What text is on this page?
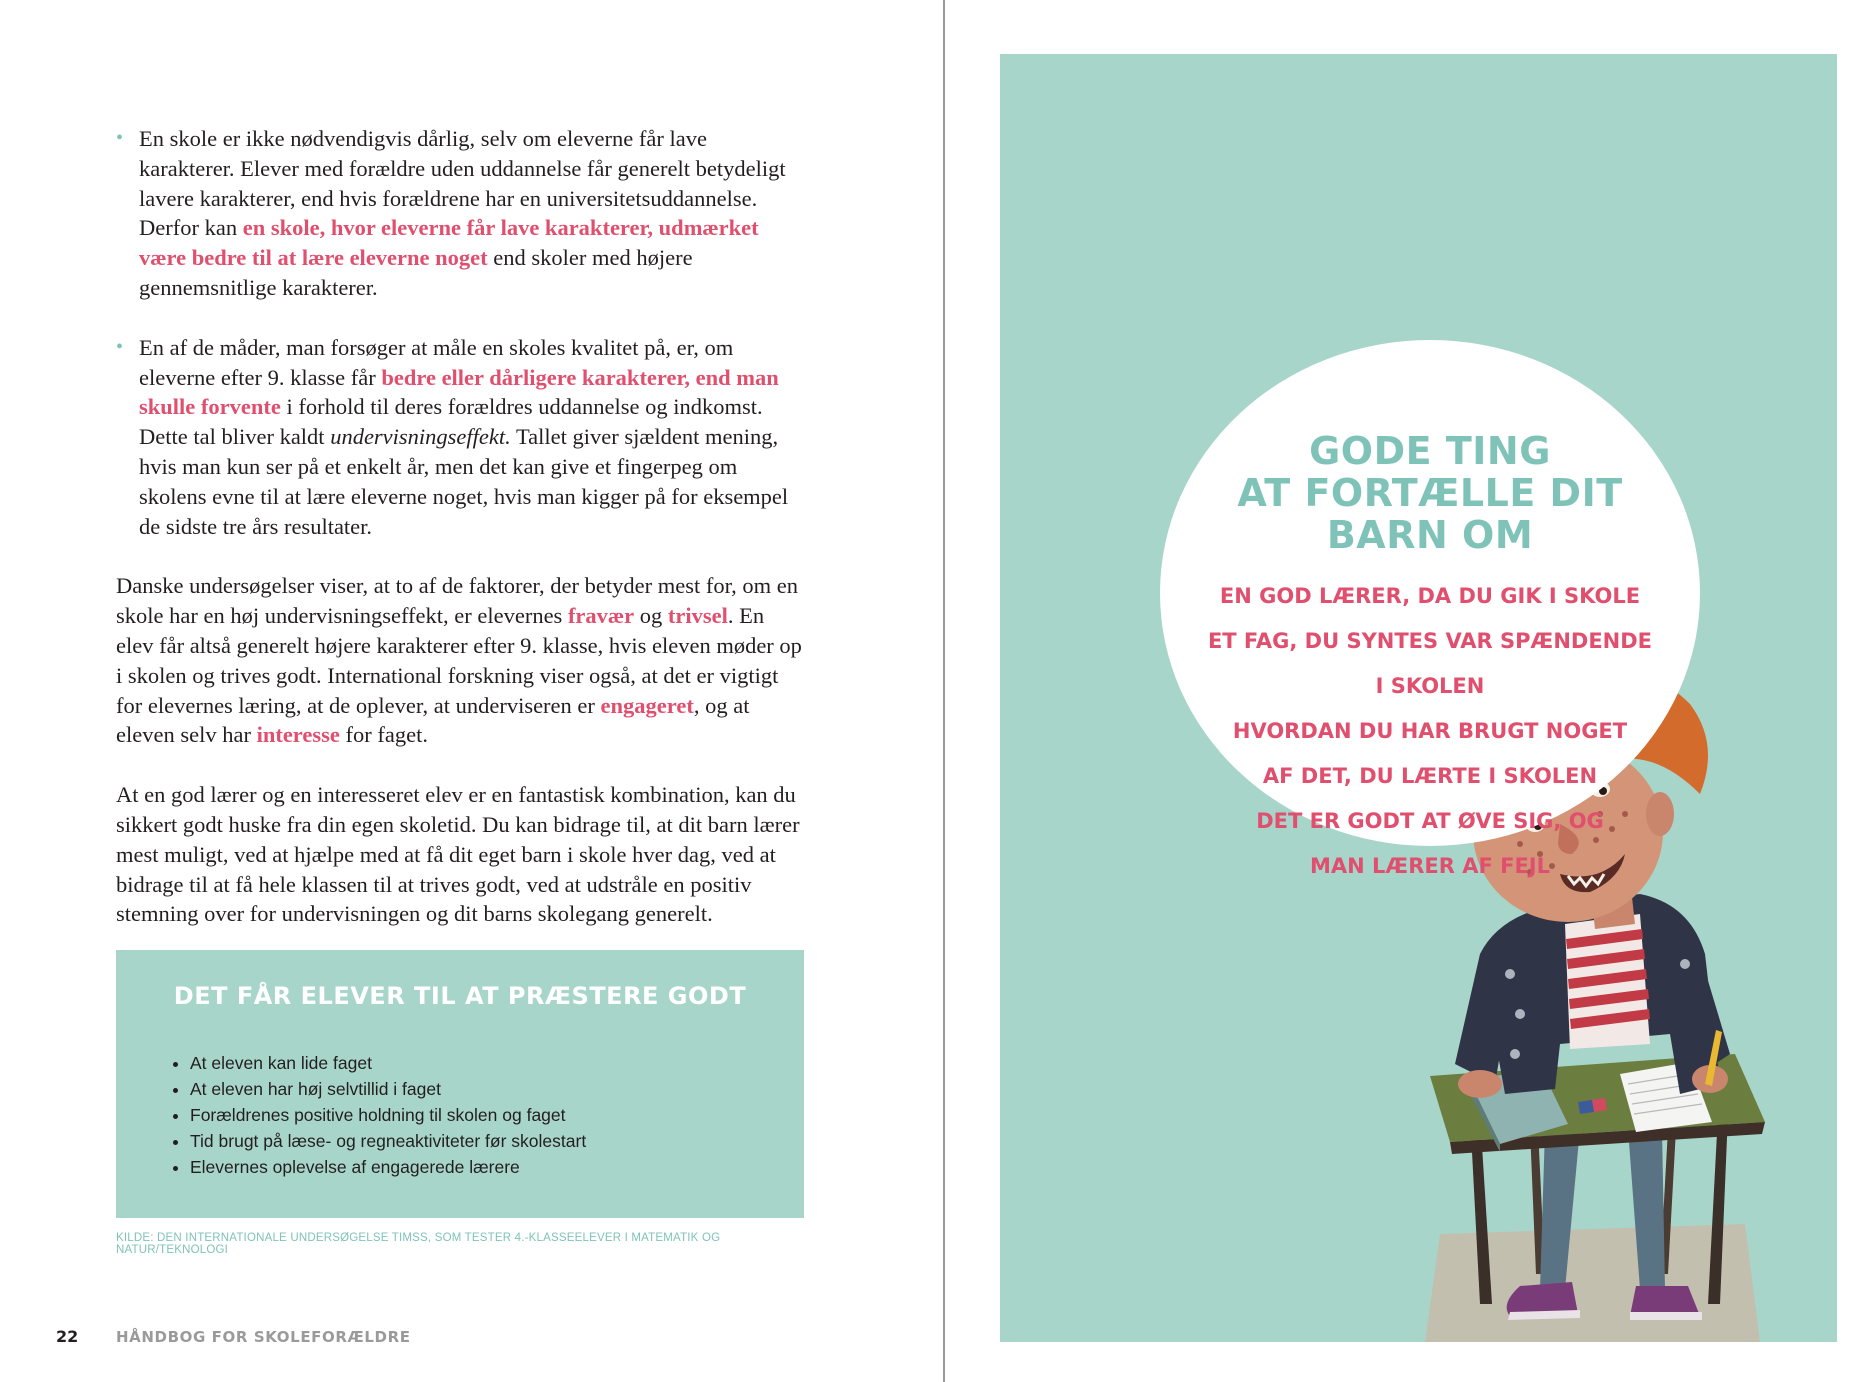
• En skole er ikke nødvendigvis dårlig, selv om eleverne får lave karakterer. Elever med forældre uden uddannelse får generelt betydeligt lavere karakterer, end hvis forældrene har en universitetsuddannelse. Derfor kan en skole, hvor eleverne får lave karakterer, udmærket være bedre til at lære eleverne noget end skoler med højere gennemsnitlige karakterer.

• En af de måder, man forsøger at måle en skoles kvalitet på, er, om eleverne efter 9. klasse får bedre eller dårligere karakterer, end man skulle forvente i forhold til deres forældres uddannelse og indkomst. Dette tal bliver kaldt undervisningseffekt. Tallet giver sjældent mening, hvis man kun ser på et enkelt år, men det kan give et fingerpeg om skolens evne til at lære eleverne noget, hvis man kigger på for eksempel de sidste tre års resultater.

Danske undersøgelser viser, at to af de faktorer, der betyder mest for, om en skole har en høj undervisningseffekt, er elevernes fravær og trivsel. En elev får altså generelt højere karakterer efter 9. klasse, hvis eleven møder op i skolen og trives godt. International forskning viser også, at det er vigtigt for elevernes læring, at de oplever, at underviseren er engageret, og at eleven selv har interesse for faget.

At en god lærer og en interesseret elev er en fantastisk kombination, kan du sikkert godt huske fra din egen skoletid. Du kan bidrage til, at dit barn lærer mest muligt, ved at hjælpe med at få dit eget barn i skole hver dag, ved at bidrage til at få hele klassen til at trives godt, ved at udstråle en positiv stemning over for undervisningen og dit barns skolegang generelt.

DET FÅR ELEVER TIL AT PRÆSTERE GODT
• At eleven kan lide faget
• At eleven har høj selvtillid i faget
• Forældrenes positive holdning til skolen og faget
• Tid brugt på læse- og regneaktiviteter før skolestart
• Elevernes oplevelse af engagerede lærere
KILDE: DEN INTERNATIONALE UNDERSØGELSE TIMSS, SOM TESTER 4.-KLASSEELEVER I MATEMATIK OG NATUR/TEKNOLOGI
22	HÅNDBOG FOR SKOLEFORÆLDRE
GODE TING
AT FORTÆLLE DIT
BARN OM
EN GOD LÆRER, DA DU GIK I SKOLE
ET FAG, DU SYNTES VAR SPÆNDENDE
I SKOLEN
HVORDAN DU HAR BRUGT NOGET
AF DET, DU LÆRTE I SKOLEN
DET ER GODT AT ØVE SIG, OG
MAN LÆRER AF FEJL
